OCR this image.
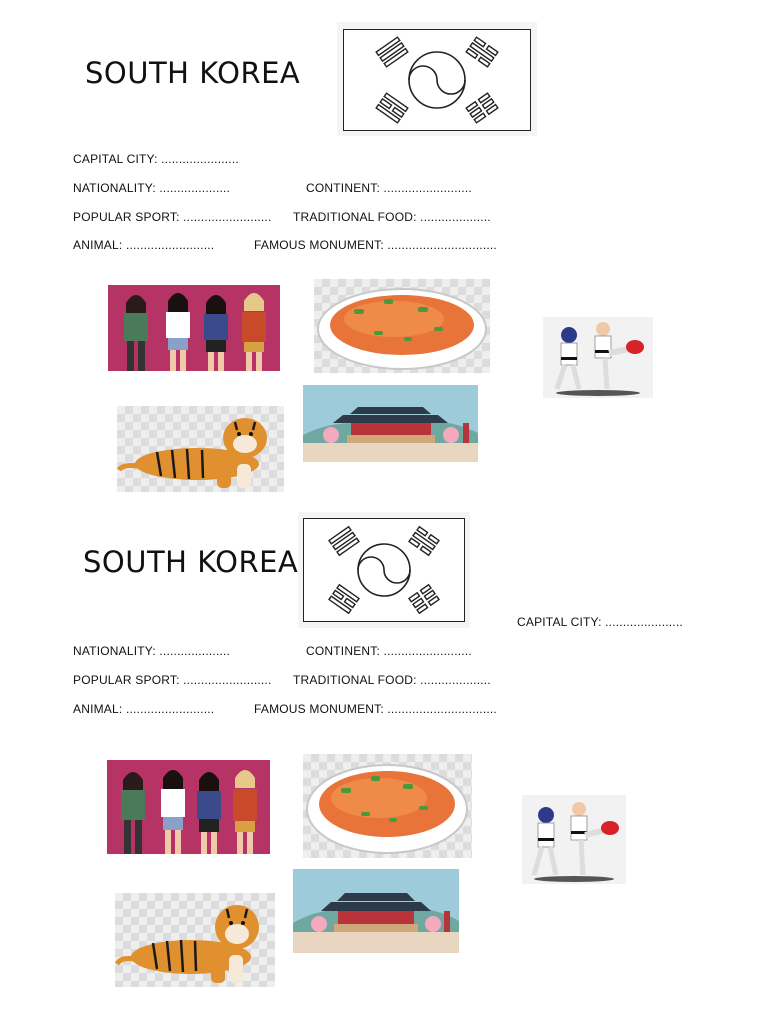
SOUTH KOREA
CAPITAL CITY: ......................
NATIONALITY: ....................	CONTINENT: .........................
POPULAR SPORT: ......................... TRADITIONAL FOOD: ....................
ANIMAL: .........................	FAMOUS MONUMENT: ...............................
SOUTH KOREA
CAPITAL CITY: ......................
NATIONALITY: ....................	CONTINENT: .........................
POPULAR SPORT: ......................... TRADITIONAL FOOD: ....................
ANIMAL: .........................	FAMOUS MONUMENT: ...............................
